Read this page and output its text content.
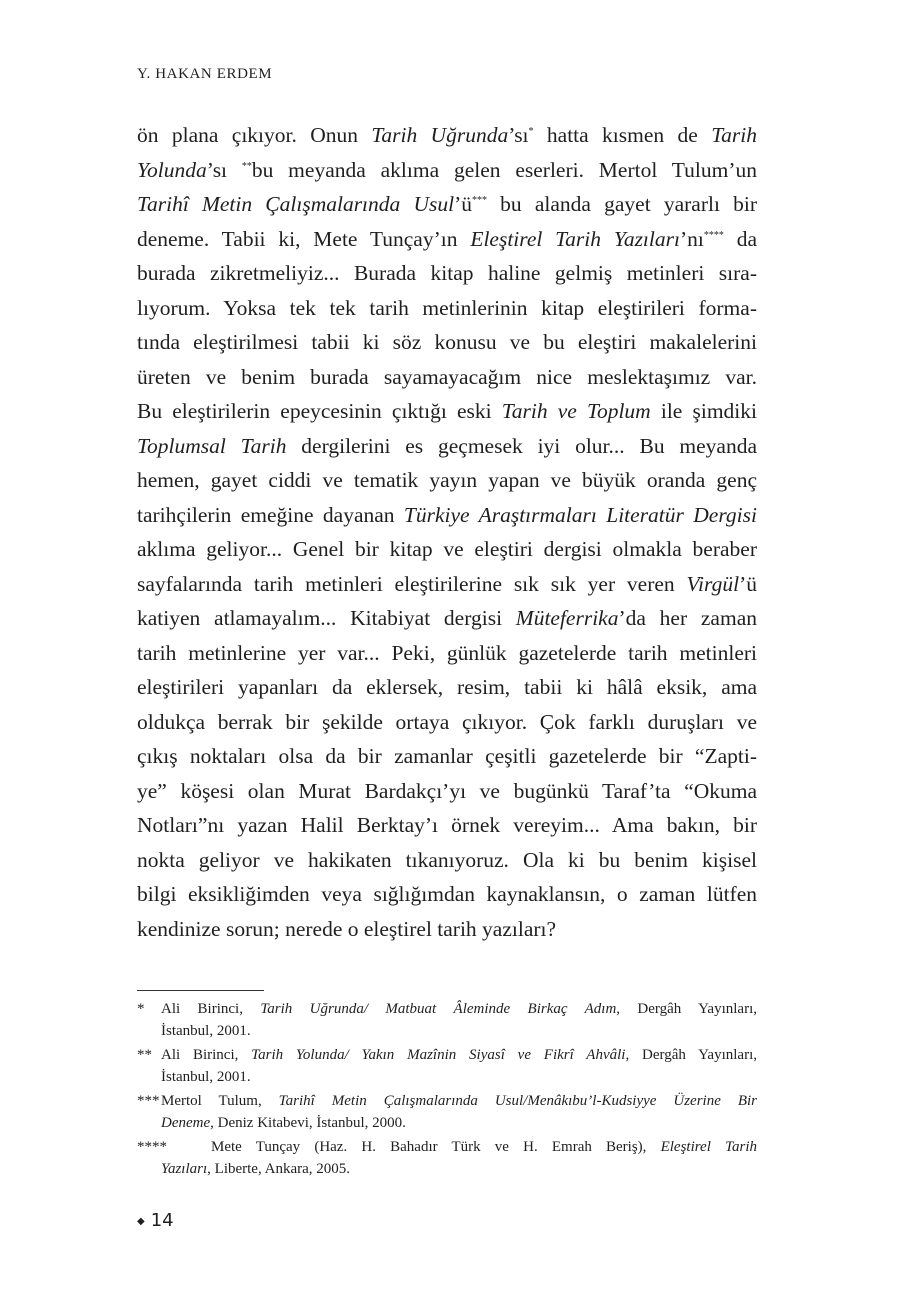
Y. HAKAN ERDEM
ön plana çıkıyor. Onun Tarih Uğrunda’sı* hatta kısmen de Tarih
Yolunda’sı **bu meyanda aklıma gelen eserleri. Mertol Tulum’un
Tarihî Metin Çalışmalarında Usul’ü*** bu alanda gayet yararlı bir
deneme. Tabii ki, Mete Tunçay’ın Eleştirel Tarih Yazıları’nı**** da
burada zikretmeliyiz... Burada kitap haline gelmiş metinleri sıra-
lıyorum. Yoksa tek tek tarih metinlerinin kitap eleştirileri forma-
tında eleştirilmesi tabii ki söz konusu ve bu eleştiri makalelerini
üreten ve benim burada sayamayacağım nice meslektaşımız var.
Bu eleştirilerin epeycesinin çıktığı eski Tarih ve Toplum ile şimdiki
Toplumsal Tarih dergilerini es geçmesek iyi olur... Bu meyanda
hemen, gayet ciddi ve tematik yayın yapan ve büyük oranda genç
tarihçilerin emeğine dayanan Türkiye Araştırmaları Literatür Dergisi
aklıma geliyor... Genel bir kitap ve eleştiri dergisi olmakla beraber
sayfalarında tarih metinleri eleştirilerine sık sık yer veren Virgül’ü
katiyen atlamayalım... Kitabiyat dergisi Müteferrika’da her zaman
tarih metinlerine yer var... Peki, günlük gazetelerde tarih metinleri
eleştirileri yapanları da eklersek, resim, tabii ki hâlâ eksik, ama
oldukça berrak bir şekilde ortaya çıkıyor. Çok farklı duruşları ve
çıkış noktaları olsa da bir zamanlar çeşitli gazetelerde bir “Zapti-
ye” köşesi olan Murat Bardakçı’yı ve bugünkü Taraf’ta “Okuma
Notları”nı yazan Halil Berktay’ı örnek vereyim... Ama bakın, bir
nokta geliyor ve hakikaten tıkanıyoruz. Ola ki bu benim kişisel
bilgi eksikliğimden veya sığlığımdan kaynaklansın, o zaman lütfen
kendinize sorun; nerede o eleştirel tarih yazıları?
*	Ali Birinci, Tarih Uğrunda/ Matbuat Âleminde Birkaç Adım, Dergâh Yayınları,
İstanbul, 2001.
** Ali Birinci, Tarih Yolunda/ Yakın Mazînin Siyasî ve Fikrî Ahvâli, Dergâh Yayınları,
İstanbul, 2001.
*** Mertol Tulum, Tarihî Metin Çalışmalarında Usul/Menâkıbu’l-Kudsiyye Üzerine Bir
Deneme, Deniz Kitabevi, İstanbul, 2000.
****	Mete Tunçay (Haz. H. Bahadır Türk ve H. Emrah Beriş), Eleştirel Tarih
Yazıları, Liberte, Ankara, 2005.
◆ 14
